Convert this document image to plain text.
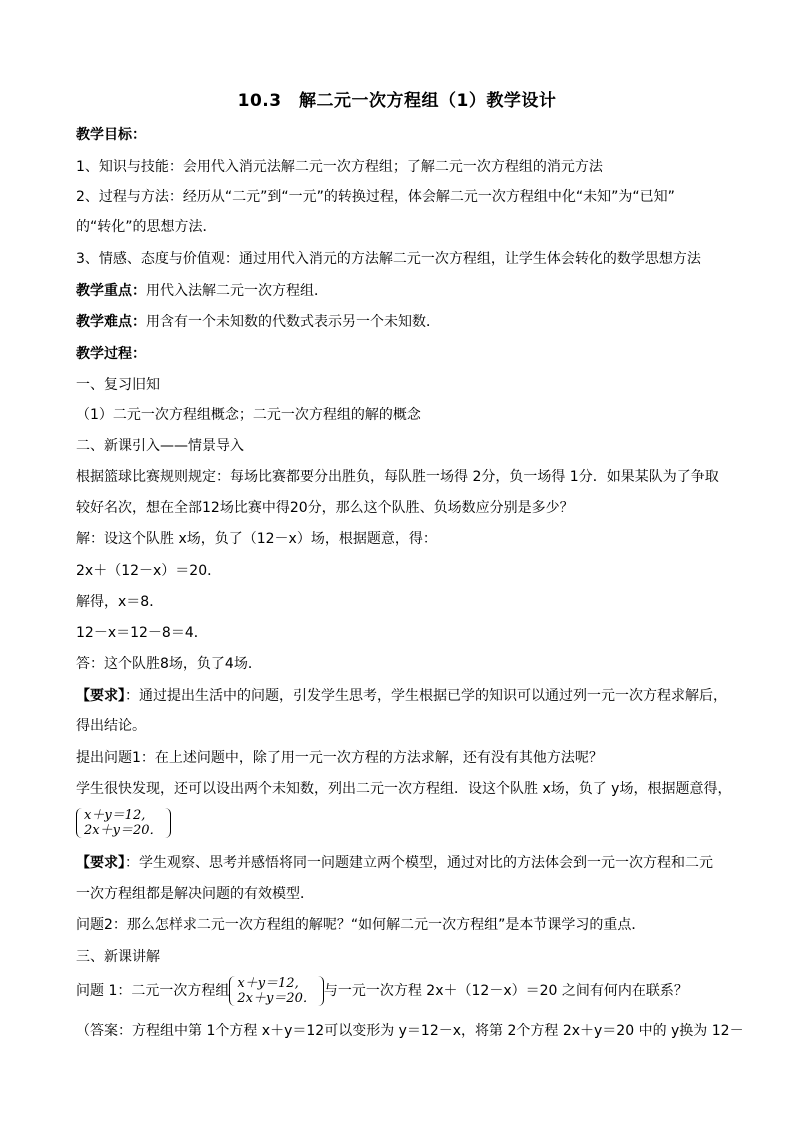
10.3　解二元一次方程组（1）教学设计
教学目标：
1、知识与技能：会用代入消元法解二元一次方程组；了解二元一次方程组的消元方法
2、过程与方法：经历从“二元”到“一元”的转换过程，体会解二元一次方程组中化“未知”为“已知”
的“转化”的思想方法．
3、情感、态度与价值观：通过用代入消元的方法解二元一次方程组，让学生体会转化的数学思想方法
教学重点：用代入法解二元一次方程组．
教学难点：用含有一个未知数的代数式表示另一个未知数．
教学过程：
一、复习旧知
（1）二元一次方程组概念；二元一次方程组的解的概念
二、新课引入——情景导入
根据篮球比赛规则规定：每场比赛都要分出胜负，每队胜一场得 2分，负一场得 1分．如果某队为了争取
较好名次，想在全部12场比赛中得20分，那么这个队胜、负场数应分别是多少？
解：设这个队胜 x场，负了（12－x）场，根据题意，得：
2x＋（12－x）＝20．
解得，x＝8．
12－x＝12－8＝4．
答：这个队胜8场，负了4场．
【要求】：通过提出生活中的问题，引发学生思考，学生根据已学的知识可以通过列一元一次方程求解后，
得出结论。
提出问题1：在上述问题中，除了用一元一次方程的方法求解，还有没有其他方法呢？
学生很快发现，还可以设出两个未知数，列出二元一次方程组．设这个队胜 x场，负了 y场，根据题意得，
x＋y＝12,
2x＋y＝20．
【要求】：学生观察、思考并感悟将同一问题建立两个模型，通过对比的方法体会到一元一次方程和二元
一次方程组都是解决问题的有效模型．
问题2：那么怎样求二元一次方程组的解呢？“如何解二元一次方程组”是本节课学习的重点．
三、新课讲解
问题 1：二元一次方程组 x＋y＝12,
2x＋y＝20． 与一元一次方程 2x＋（12－x）＝20 之间有何内在联系？
（答案：方程组中第 1个方程 x＋y＝12可以变形为 y＝12－x，将第 2个方程 2x＋y＝20 中的 y换为 12－
